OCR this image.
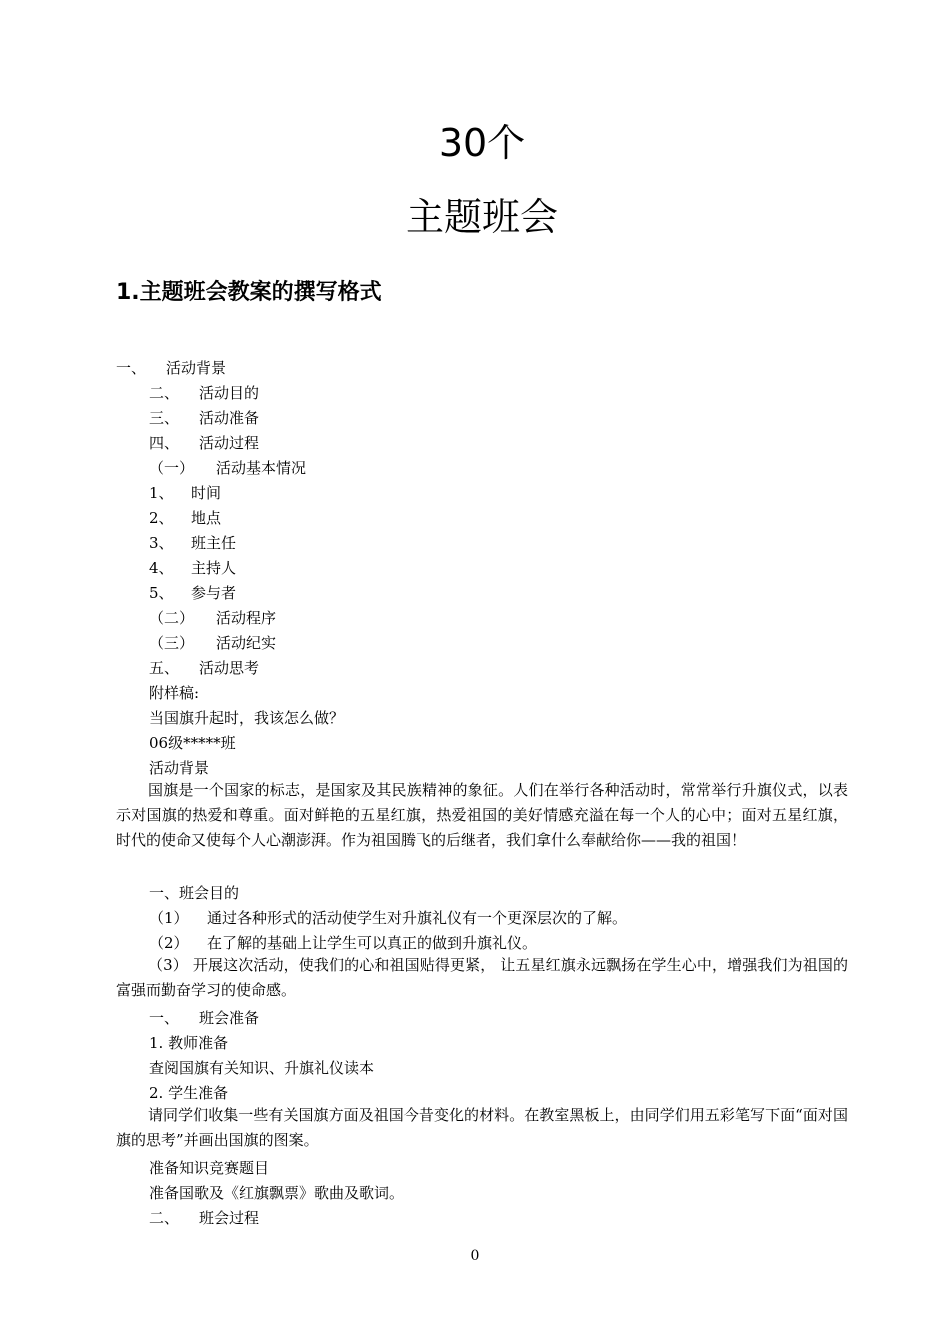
30个
主题班会
1.主题班会教案的撰写格式
一、 活动背景
二、 活动目的
三、 活动准备
四、 活动过程
（一） 活动基本情况
1、 时间
2、 地点
3、 班主任
4、 主持人
5、 参与者
（二） 活动程序
（三） 活动纪实
五、 活动思考
附样稿:
当国旗升起时，我该怎么做？
06级*****班
活动背景
国旗是一个国家的标志，是国家及其民族精神的象征。人们在举行各种活动时，常常举行升旗仪式，以表示对国旗的热爱和尊重。面对鲜艳的五星红旗，热爱祖国的美好情感充溢在每一个人的心中；面对五星红旗，时代的使命又使每个人心潮澎湃。作为祖国腾飞的后继者，我们拿什么奉献给你——我的祖国！
一、班会目的
（1） 通过各种形式的活动使学生对升旗礼仪有一个更深层次的了解。
（2） 在了解的基础上让学生可以真正的做到升旗礼仪。
（3） 开展这次活动，使我们的心和祖国贴得更紧， 让五星红旗永远飘扬在学生心中，增强我们为祖国的富强而勤奋学习的使命感。
一、 班会准备
1. 教师准备
查阅国旗有关知识、升旗礼仪读本
2. 学生准备
请同学们收集一些有关国旗方面及祖国今昔变化的材料。在教室黑板上，由同学们用五彩笔写下面“面对国旗的思考”并画出国旗的图案。
准备知识竞赛题目
准备国歌及《红旗飘票》歌曲及歌词。
二、 班会过程
0
